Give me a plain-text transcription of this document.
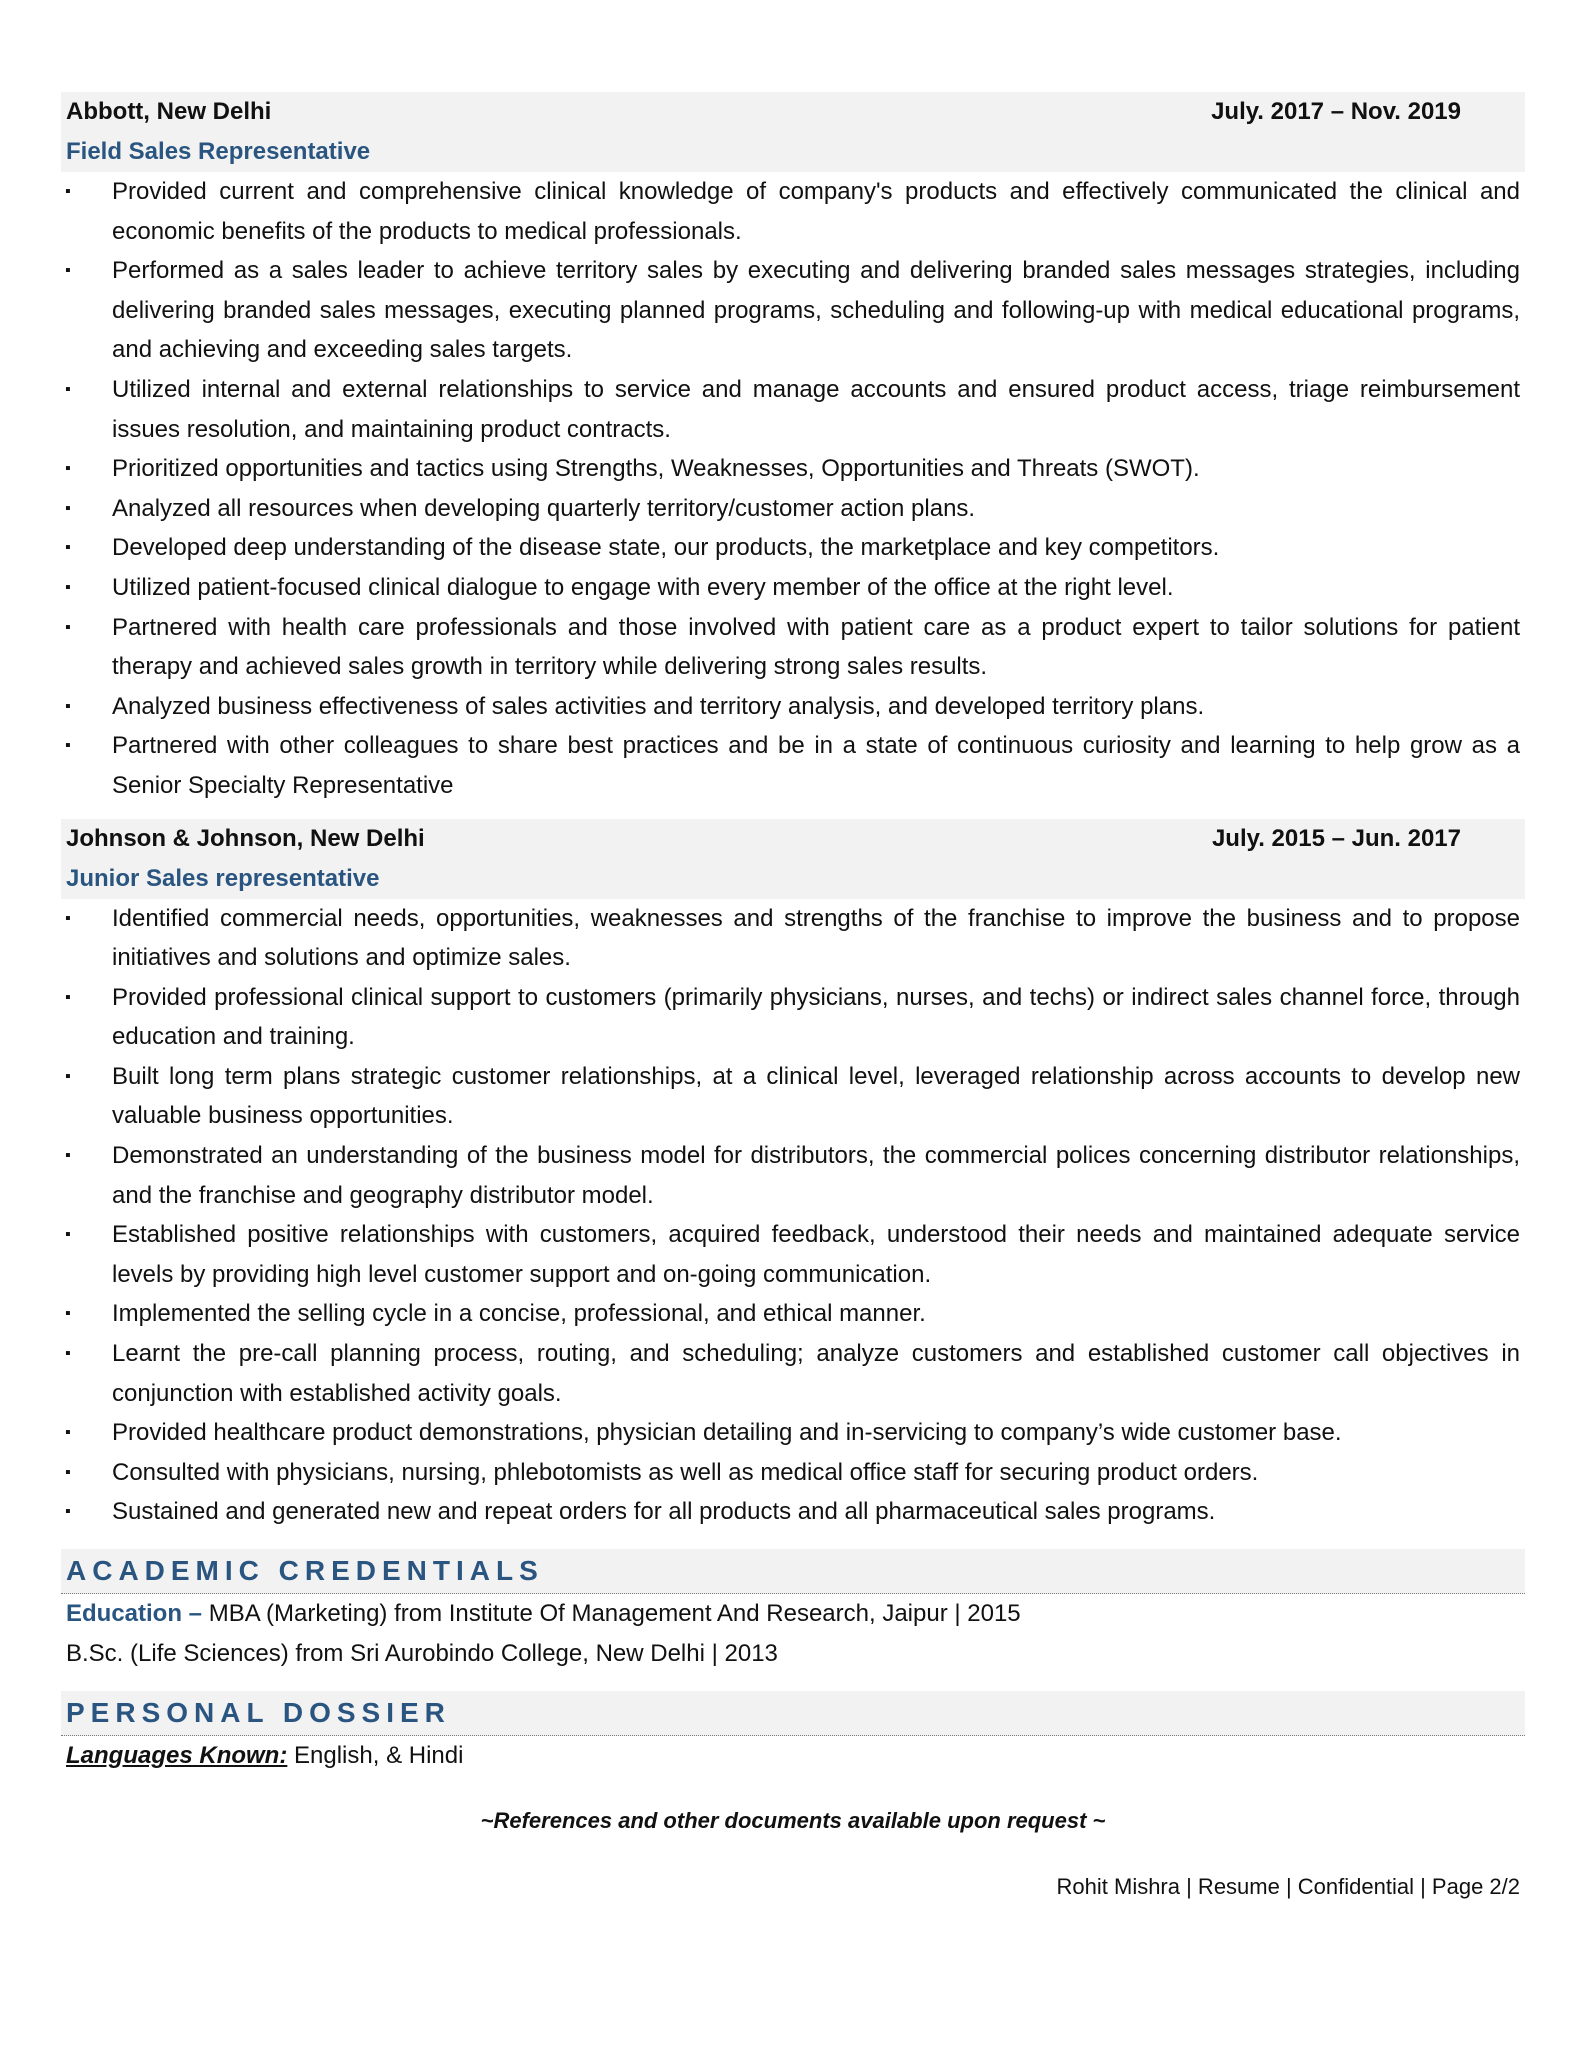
Abbott, New Delhi	July. 2017 – Nov. 2019
Field Sales Representative
▪ Provided current and comprehensive clinical knowledge of company's products and effectively communicated the clinical and economic benefits of the products to medical professionals.
▪ Performed as a sales leader to achieve territory sales by executing and delivering branded sales messages strategies, including delivering branded sales messages, executing planned programs, scheduling and following-up with medical educational programs, and achieving and exceeding sales targets.
▪ Utilized internal and external relationships to service and manage accounts and ensured product access, triage reimbursement issues resolution, and maintaining product contracts.
▪ Prioritized opportunities and tactics using Strengths, Weaknesses, Opportunities and Threats (SWOT).
▪ Analyzed all resources when developing quarterly territory/customer action plans.
▪ Developed deep understanding of the disease state, our products, the marketplace and key competitors.
▪ Utilized patient-focused clinical dialogue to engage with every member of the office at the right level.
▪ Partnered with health care professionals and those involved with patient care as a product expert to tailor solutions for patient therapy and achieved sales growth in territory while delivering strong sales results.
▪ Analyzed business effectiveness of sales activities and territory analysis, and developed territory plans.
▪ Partnered with other colleagues to share best practices and be in a state of continuous curiosity and learning to help grow as a Senior Specialty Representative
Johnson & Johnson, New Delhi	July. 2015 – Jun. 2017
Junior Sales representative
▪ Identified commercial needs, opportunities, weaknesses and strengths of the franchise to improve the business and to propose initiatives and solutions and optimize sales.
▪ Provided professional clinical support to customers (primarily physicians, nurses, and techs) or indirect sales channel force, through education and training.
▪ Built long term plans strategic customer relationships, at a clinical level, leveraged relationship across accounts to develop new valuable business opportunities.
▪ Demonstrated an understanding of the business model for distributors, the commercial polices concerning distributor relationships, and the franchise and geography distributor model.
▪ Established positive relationships with customers, acquired feedback, understood their needs and maintained adequate service levels by providing high level customer support and on-going communication.
▪ Implemented the selling cycle in a concise, professional, and ethical manner.
▪ Learnt the pre-call planning process, routing, and scheduling; analyze customers and established customer call objectives in conjunction with established activity goals.
▪ Provided healthcare product demonstrations, physician detailing and in-servicing to company’s wide customer base.
▪ Consulted with physicians, nursing, phlebotomists as well as medical office staff for securing product orders.
▪ Sustained and generated new and repeat orders for all products and all pharmaceutical sales programs.
ACADEMIC CREDENTIALS
Education – MBA (Marketing) from Institute Of Management And Research, Jaipur | 2015
B.Sc. (Life Sciences) from Sri Aurobindo College, New Delhi | 2013
PERSONAL DOSSIER
Languages Known: English, & Hindi
~References and other documents available upon request ~
Rohit Mishra | Resume | Confidential | Page 2/2
